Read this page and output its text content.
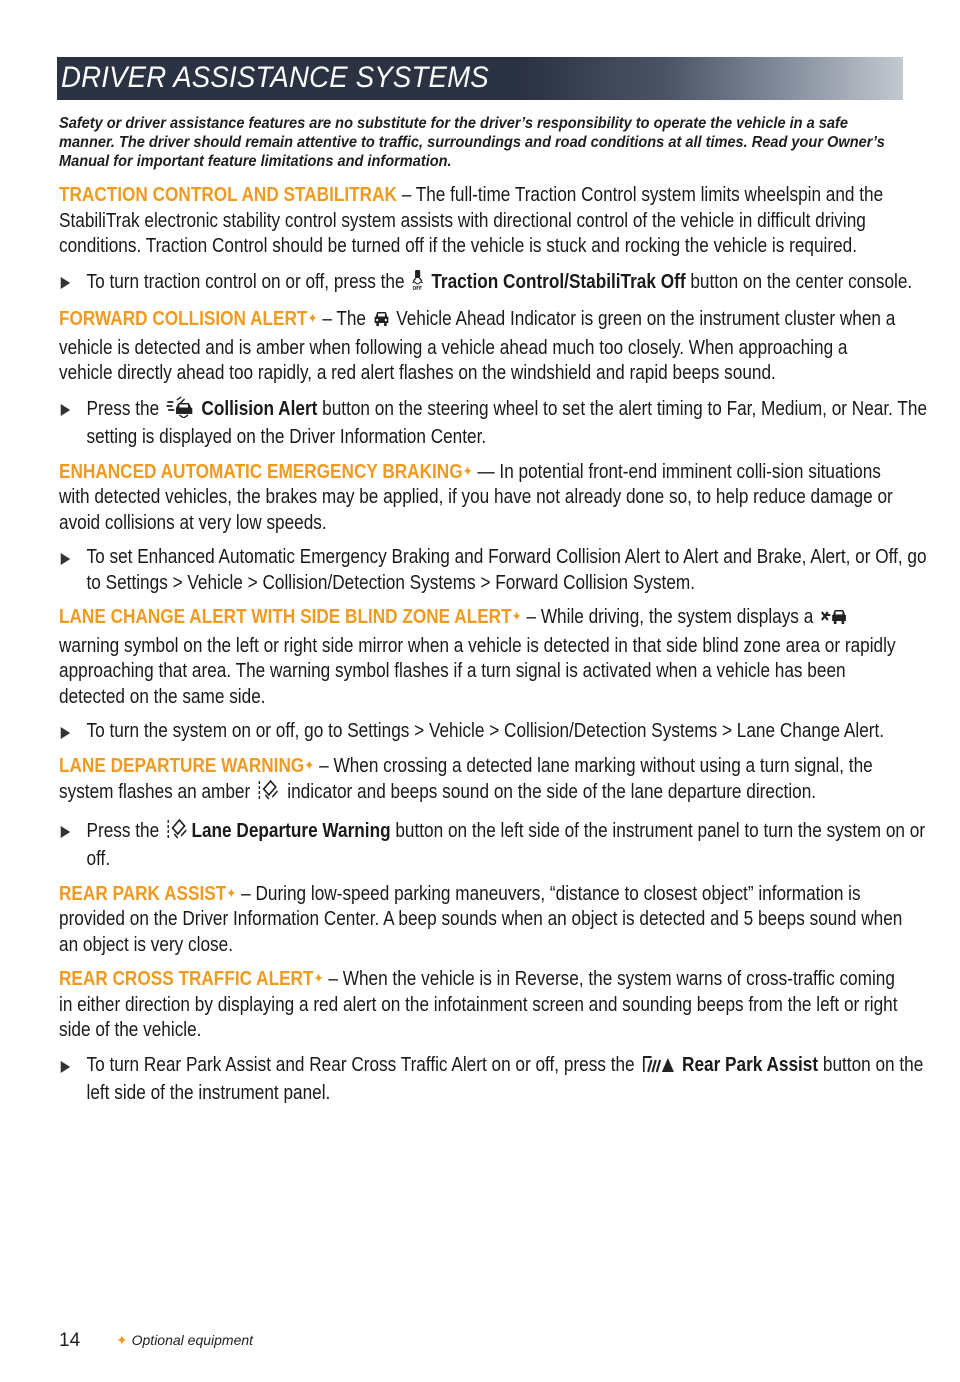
DRIVER ASSISTANCE SYSTEMS

Safety or driver assistance features are no substitute for the driver’s responsibility to operate the vehicle in a safe manner. The driver should remain attentive to traffic, surroundings and road conditions at all times. Read your Owner’s Manual for important feature limitations and information.

TRACTION CONTROL AND STABILITRAK – The full-time Traction Control system limits wheelspin and the StabiliTrak electronic stability control system assists with directional control of the vehicle in difficult driving conditions. Traction Control should be turned off if the vehicle is stuck and rocking the vehicle is required.

To turn traction control on or off, press the OFF Traction Control/StabiliTrak Off button on the center console.

FORWARD COLLISION ALERT✦ – The  Vehicle Ahead Indicator is green on the instrument cluster when a vehicle is detected and is amber when following a vehicle ahead much too closely. When approaching a vehicle directly ahead too rapidly, a red alert flashes on the windshield and rapid beeps sound.

Press the  Collision Alert button on the steering wheel to set the alert timing to Far, Medium, or Near. The setting is displayed on the Driver Information Center.

ENHANCED AUTOMATIC EMERGENCY BRAKING✦ — In potential front-end imminent colli-sion situations with detected vehicles, the brakes may be applied, if you have not already done so, to help reduce damage or avoid collisions at very low speeds.

To set Enhanced Automatic Emergency Braking and Forward Collision Alert to Alert and Brake, Alert, or Off, go to Settings > Vehicle > Collision/Detection Systems > Forward Collision System.

LANE CHANGE ALERT WITH SIDE BLIND ZONE ALERT✦ – While driving, the system displays a  warning symbol on the left or right side mirror when a vehicle is detected in that side blind zone area or rapidly approaching that area. The warning symbol flashes if a turn signal is activated when a vehicle has been detected on the same side.

To turn the system on or off, go to Settings > Vehicle > Collision/Detection Systems > Lane Change Alert.

LANE DEPARTURE WARNING✦ – When crossing a detected lane marking without using a turn signal, the system flashes an amber  indicator and beeps sound on the side of the lane departure direction.

Press the Lane Departure Warning button on the left side of the instrument panel to turn the system on or off.

REAR PARK ASSIST✦ – During low-speed parking maneuvers, “distance to closest object” information is provided on the Driver Information Center. A beep sounds when an object is detected and 5 beeps sound when an object is very close.

REAR CROSS TRAFFIC ALERT✦ – When the vehicle is in Reverse, the system warns of cross-traffic coming in either direction by displaying a red alert on the infotainment screen and sounding beeps from the left or right side of the vehicle.

To turn Rear Park Assist and Rear Cross Traffic Alert on or off, press the  Rear Park Assist button on the left side of the instrument panel.

14	✦ Optional equipment
